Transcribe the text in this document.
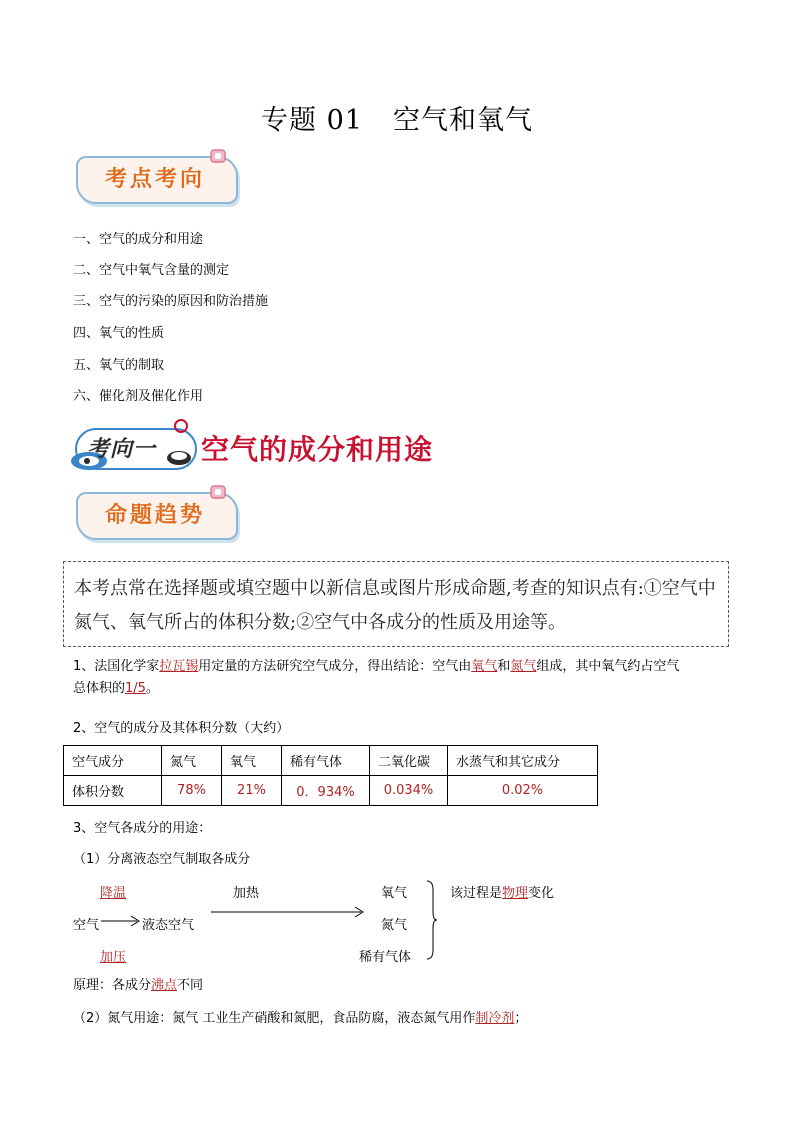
专题 01 空气和氧气
考点考向
一、空气的成分和用途
二、空气中氧气含量的测定
三、空气的污染的原因和防治措施
四、氧气的性质
五、氧气的制取
六、催化剂及催化作用
考向一 空气的成分和用途
命题趋势

本考点常在选择题或填空题中以新信息或图片形成命题,考查的知识点有:①空气中氮气、氧气所占的体积分数;②空气中各成分的性质及用途等。

1、法国化学家拉瓦锡用定量的方法研究空气成分，得出结论：空气由氧气和氮气组成，其中氧气约占空气
总体积的1/5。
2、空气的成分及其体积分数（大约）
空气成分	氮气	氧气	稀有气体	二氧化碳	水蒸气和其它成分
体积分数	78%	21%	0．934%	0.034%	0.02%
3、空气各成分的用途：
（1）分离液态空气制取各成分
降温	加热
空气	液态空气
加压
氧气
氮气
稀有气体
该过程是物理变化
原理：各成分沸点不同
（2）氮气用途：氮气 工业生产硝酸和氮肥，食品防腐，液态氮气用作制冷剂；
